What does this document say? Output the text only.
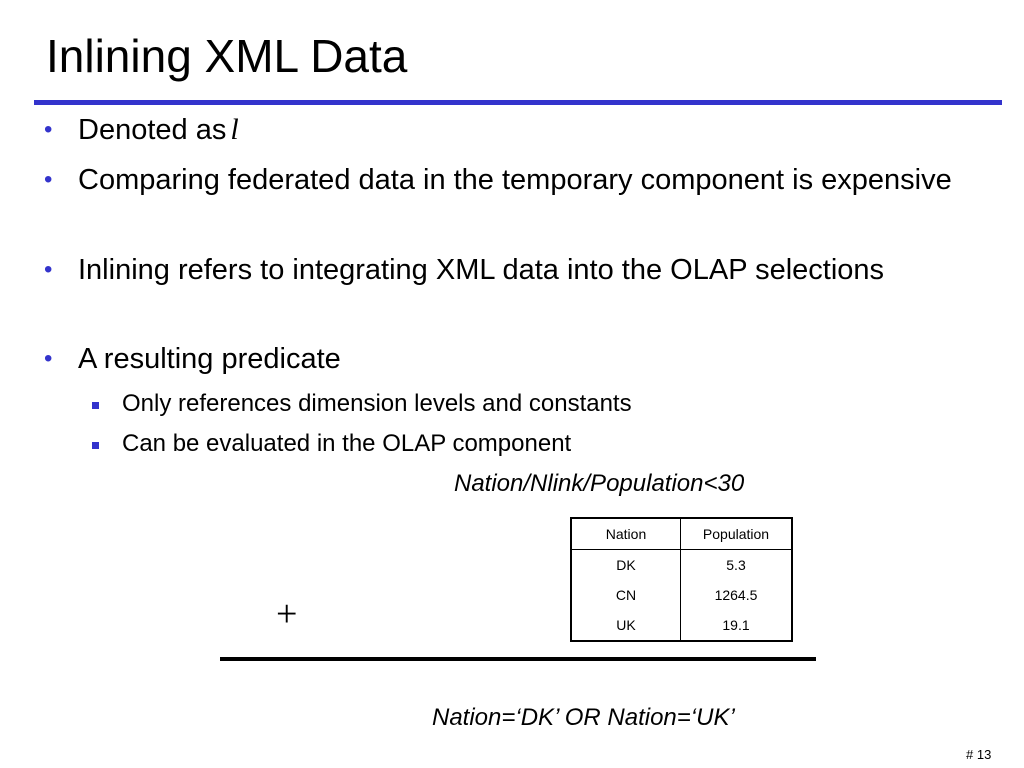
Inlining XML Data
• Denoted as l
• Comparing federated data in the temporary component is expensive
• Inlining refers to integrating XML data into the OLAP selections
• A resulting predicate
Only references dimension levels and constants
Can be evaluated in the OLAP component
Nation/Nlink/Population<30
Nation	Population
DK	5.3
CN	1264.5
UK	19.1
+
Nation=‘DK’ OR Nation=‘UK’
# 13
